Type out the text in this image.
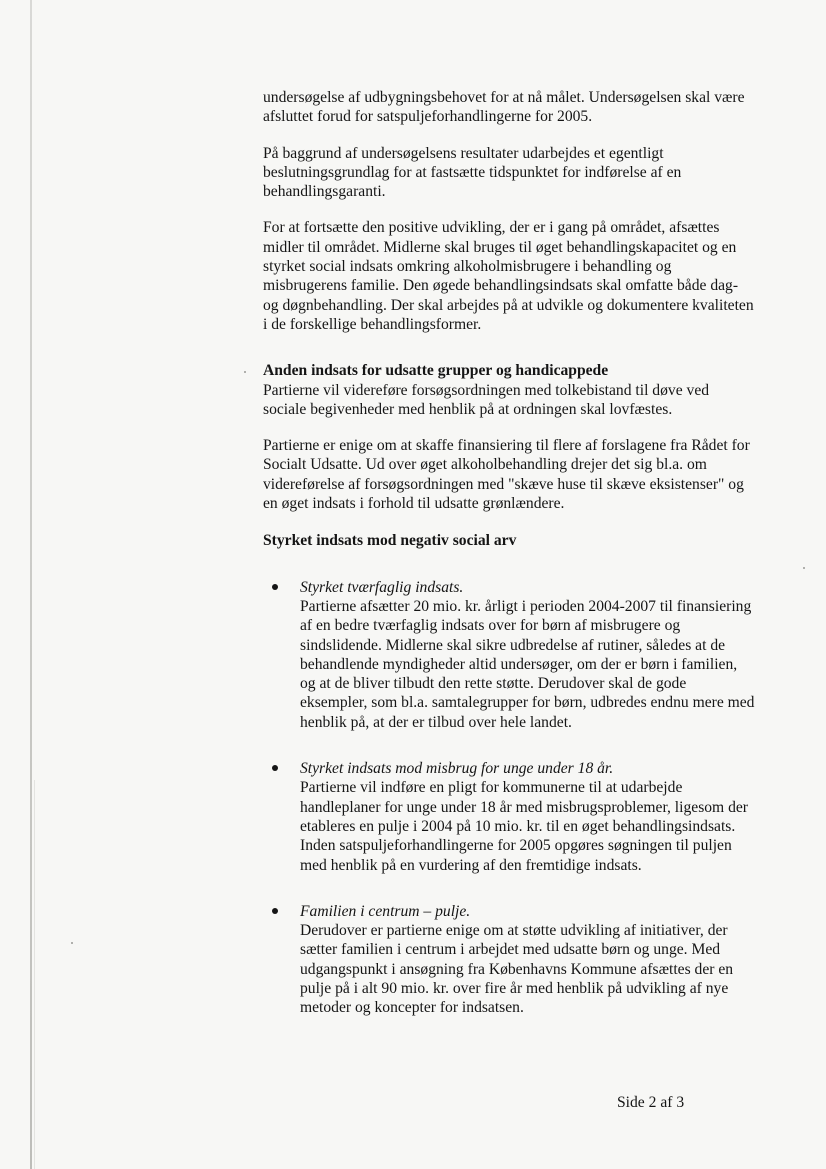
undersøgelse af udbygningsbehovet for at nå målet. Undersøgelsen skal være afsluttet forud for satspuljeforhandlingerne for 2005.

På baggrund af undersøgelsens resultater udarbejdes et egentligt beslutningsgrundlag for at fastsætte tidspunktet for indførelse af en behandlingsgaranti.

For at fortsætte den positive udvikling, der er i gang på området, afsættes midler til området. Midlerne skal bruges til øget behandlingskapacitet og en styrket social indsats omkring alkoholmisbrugere i behandling og misbrugerens familie. Den øgede behandlingsindsats skal omfatte både dag- og døgnbehandling. Der skal arbejdes på at udvikle og dokumentere kvaliteten i de forskellige behandlingsformer.

Anden indsats for udsatte grupper og handicappede

Partierne vil videreføre forsøgsordningen med tolkebistand til døve ved sociale begivenheder med henblik på at ordningen skal lovfæstes.

Partierne er enige om at skaffe finansiering til flere af forslagene fra Rådet for Socialt Udsatte. Ud over øget alkoholbehandling drejer det sig bl.a. om videreførelse af forsøgsordningen med "skæve huse til skæve eksistenser" og en øget indsats i forhold til udsatte grønlændere.

Styrket indsats mod negativ social arv

Styrket tværfaglig indsats.
Partierne afsætter 20 mio. kr. årligt i perioden 2004-2007 til finansiering af en bedre tværfaglig indsats over for børn af misbrugere og sindslidende. Midlerne skal sikre udbredelse af rutiner, således at de behandlende myndigheder altid undersøger, om der er børn i familien, og at de bliver tilbudt den rette støtte. Derudover skal de gode eksempler, som bl.a. samtalegrupper for børn, udbredes endnu mere med henblik på, at der er tilbud over hele landet.
Styrket indsats mod misbrug for unge under 18 år.
Partierne vil indføre en pligt for kommunerne til at udarbejde handleplaner for unge under 18 år med misbrugsproblemer, ligesom der etableres en pulje i 2004 på 10 mio. kr. til en øget behandlingsindsats. Inden satspuljeforhandlingerne for 2005 opgøres søgningen til puljen med henblik på en vurdering af den fremtidige indsats.
Familien i centrum – pulje.
Derudover er partierne enige om at støtte udvikling af initiativer, der sætter familien i centrum i arbejdet med udsatte børn og unge. Med udgangspunkt i ansøgning fra Københavns Kommune afsættes der en pulje på i alt 90 mio. kr. over fire år med henblik på udvikling af nye metoder og koncepter for indsatsen.
Side 2 af 3
